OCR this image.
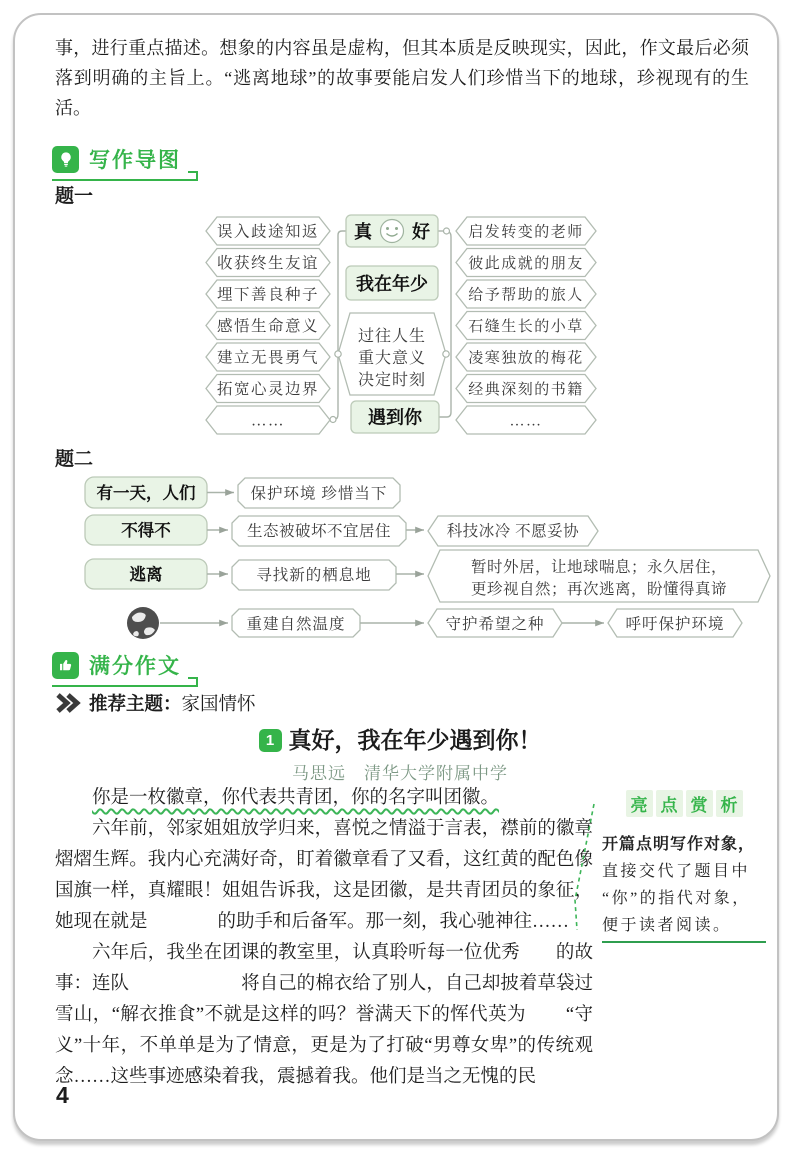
事，进行重点描述。想象的内容虽是虚构，但其本质是反映现实，因此，作文最后必须落到明确的主旨上。“逃离地球”的故事要能启发人们珍惜当下的地球，珍视现有的生活。

写作导图
题一
误入歧途知返
收获终生友谊
埋下善良种子
感悟生命意义
建立无畏勇气
拓宽心灵边界
……
真 好
我在年少
过往人生
重大意义
决定时刻
遇到你
启发转变的老师
彼此成就的朋友
给予帮助的旅人
石缝生长的小草
凌寒独放的梅花
经典深刻的书籍
……
题二
有一天，人们	保护环境 珍惜当下
不得不	生态被破坏不宜居住	科技冰冷 不愿妥协
逃离	寻找新的栖息地	暂时外居，让地球喘息；永久居住，
更珍视自然；再次逃离，盼懂得真谛
重建自然温度	守护希望之种	呼吁保护环境
满分作文
推荐主题：家国情怀
1 真好，我在年少遇到你！
马思远　清华大学附属中学

你是一枚徽章，你代表共青团，你的名字叫团徽。

六年前，邻家姐姐放学归来，喜悦之情溢于言表，襟前的徽章熠熠生辉。我内心充满好奇，盯着徽章看了又看，这红黄的配色像国旗一样，真耀眼！姐姐告诉我，这是团徽，是共青团员的象征，她现在就是	的助手和后备军。那一刻，我心驰神往……

六年后，我坐在团课的教室里，认真聆听每一位优秀 的故事：连队	将自己的棉衣给了别人，自己却披着草袋过雪山，“解衣推食”不就是这样的吗？誉满天下的恽代英为 “守义”十年，不单单是为了情意，更是为了打破“男尊女卑”的传统观念……这些事迹感染着我，震撼着我。他们是当之无愧的民

亮 点 赏 析
开篇点明写作对象，
直接交代了题目中
“你”的指代对象，
便于读者阅读。
4
